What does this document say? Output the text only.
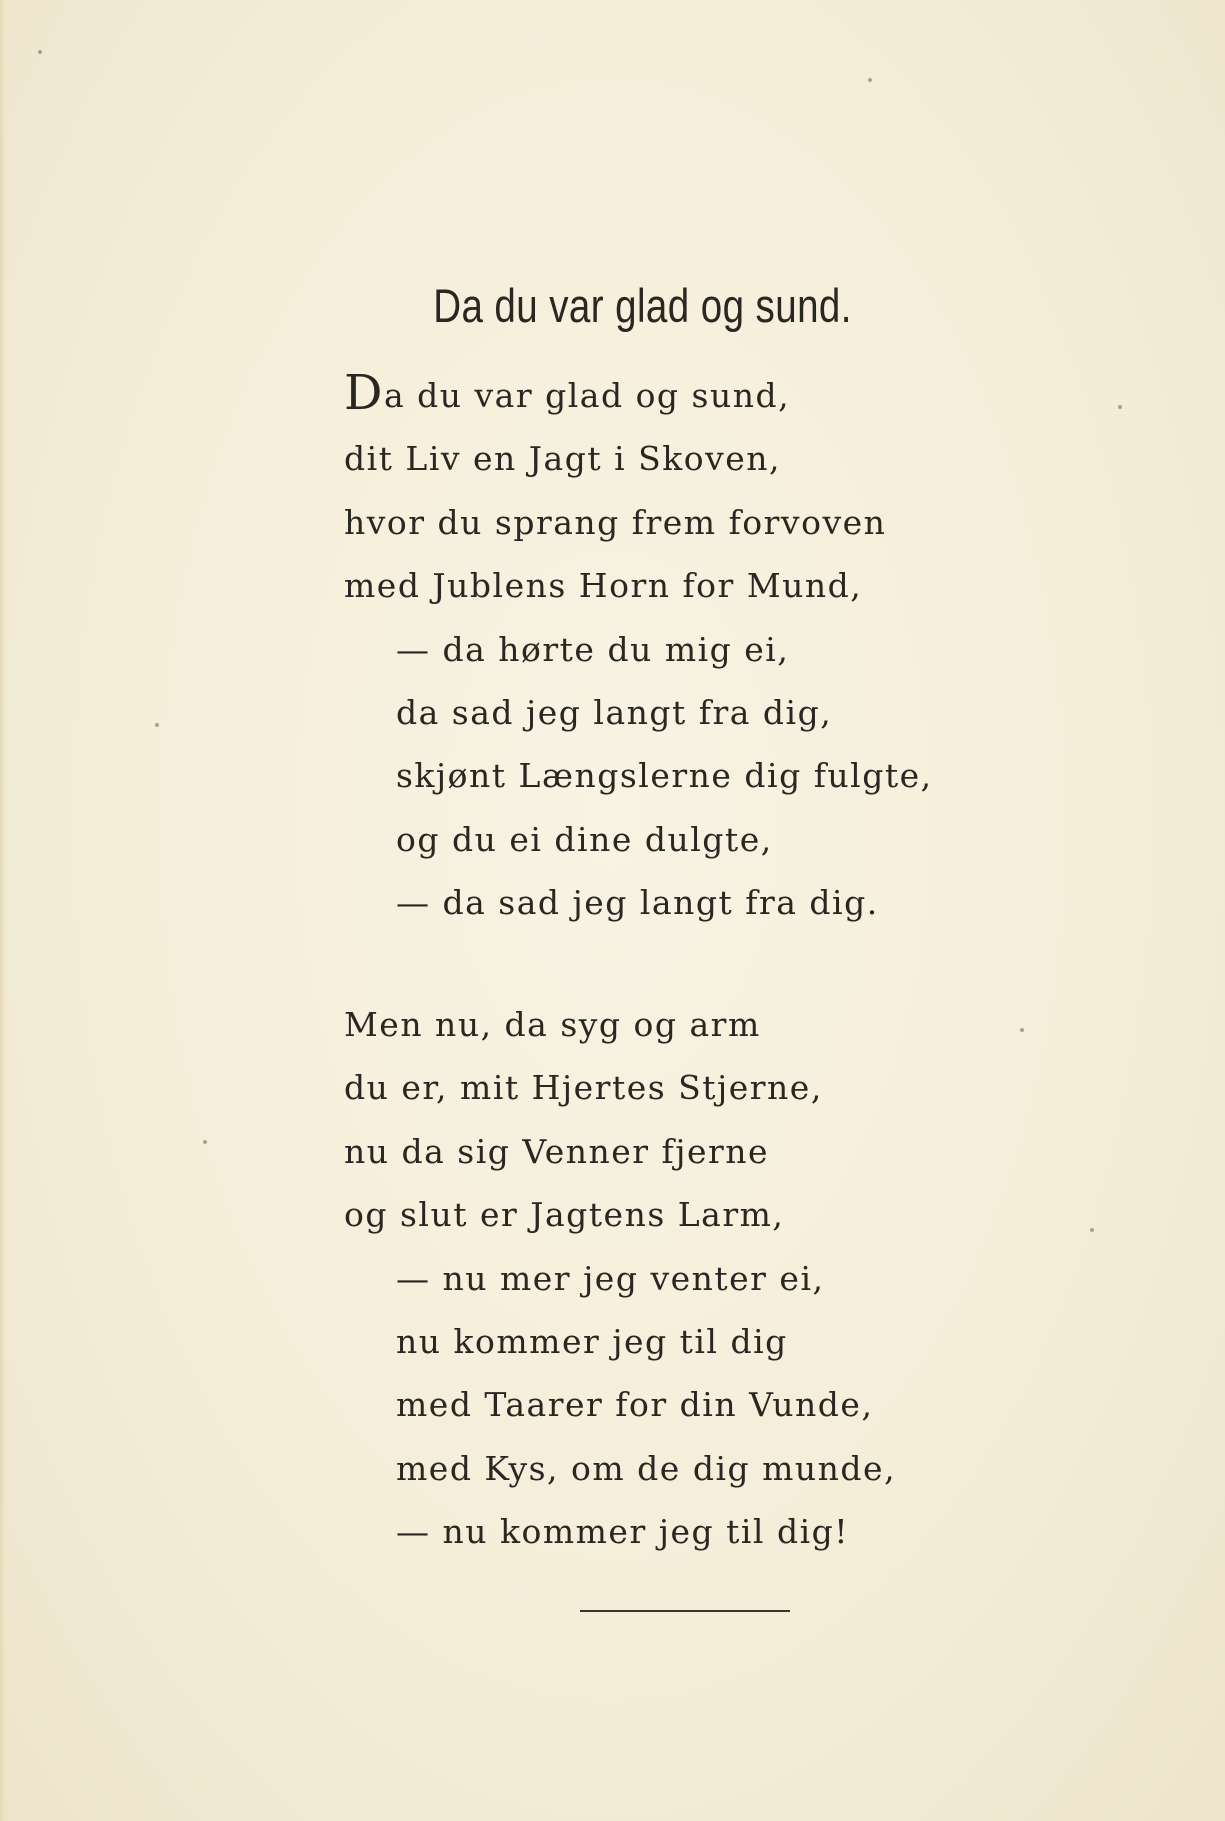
Da du var glad og sund.
Da du var glad og sund,
dit Liv en Jagt i Skoven,
hvor du sprang frem forvoven
med Jublens Horn for Mund,
— da hørte du mig ei,
da sad jeg langt fra dig,
skjønt Længslerne dig fulgte,
og du ei dine dulgte,
— da sad jeg langt fra dig.
Men nu, da syg og arm
du er, mit Hjertes Stjerne,
nu da sig Venner fjerne
og slut er Jagtens Larm,
— nu mer jeg venter ei,
nu kommer jeg til dig
med Taarer for din Vunde,
med Kys, om de dig munde,
— nu kommer jeg til dig!
